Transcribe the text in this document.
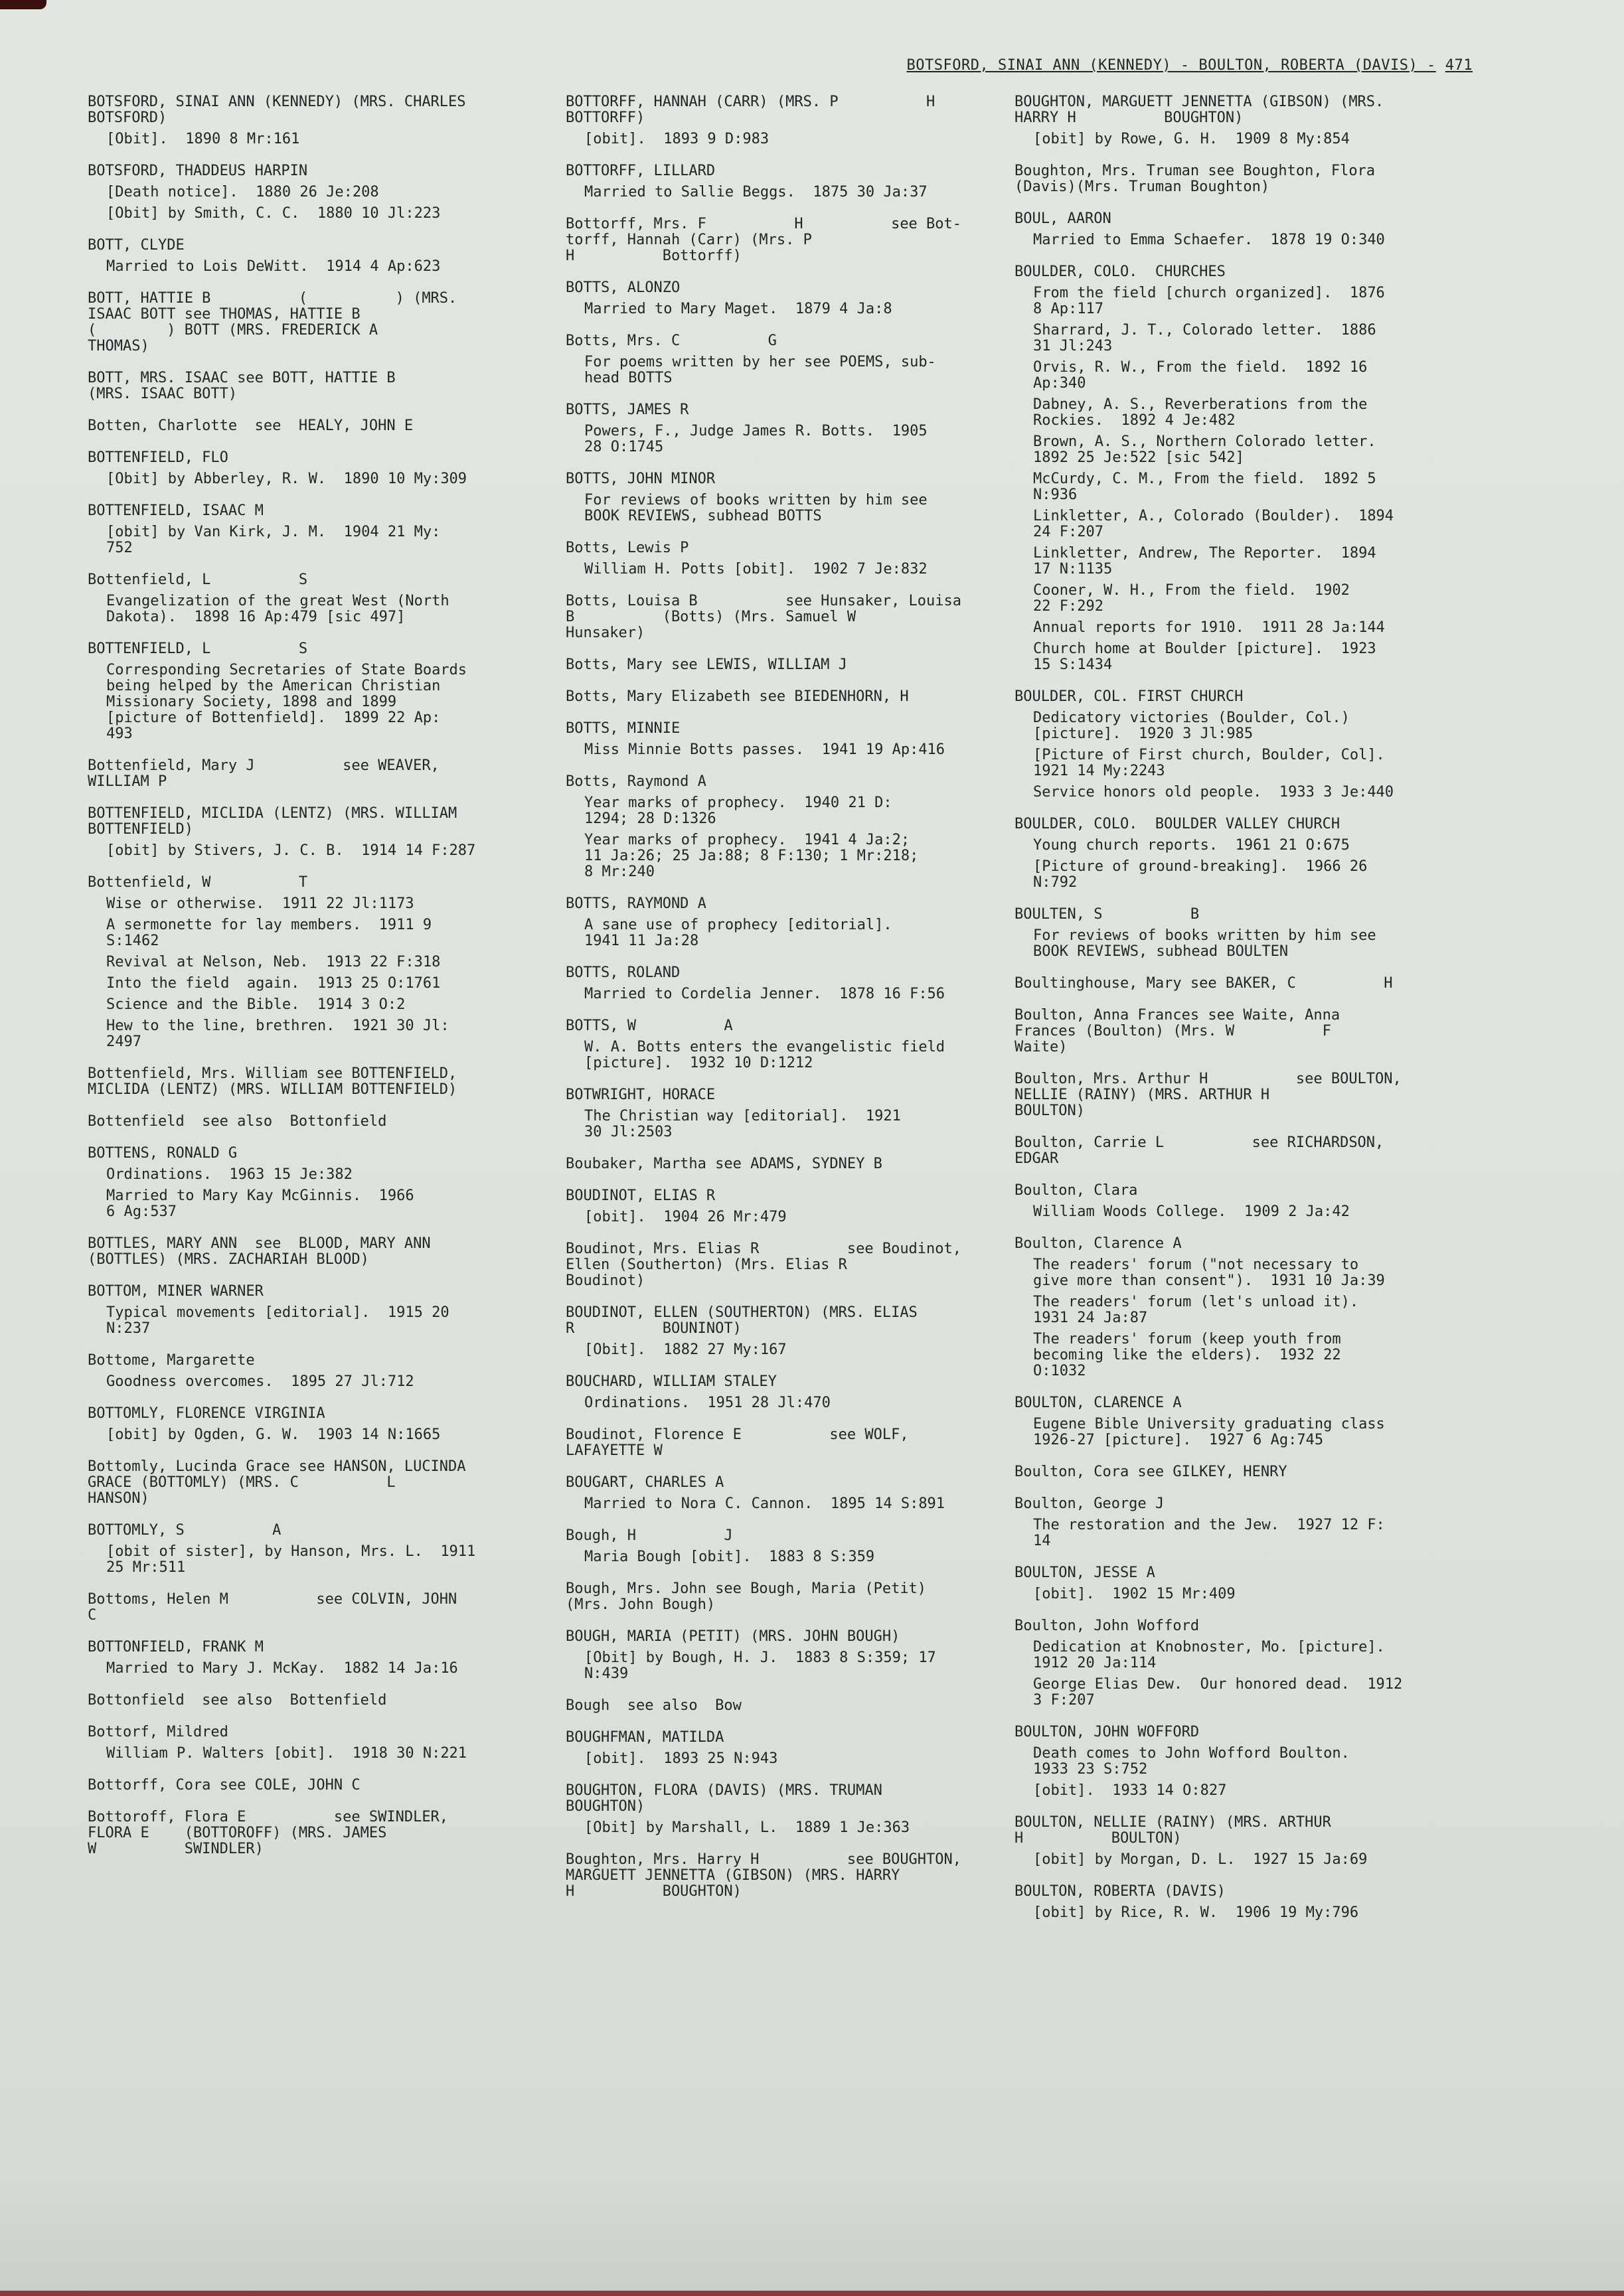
BOTSFORD, SINAI ANN (KENNEDY) - BOULTON, ROBERTA (DAVIS) - 471
BOTSFORD, SINAI ANN (KENNEDY) (MRS. CHARLES
BOTSFORD)
[Obit].  1890 8 Mr:161
BOTSFORD, THADDEUS HARPIN
[Death notice].  1880 26 Je:208
[Obit] by Smith, C. C.  1880 10 Jl:223
BOTT, CLYDE
Married to Lois DeWitt.  1914 4 Ap:623
BOTT, HATTIE B          (          ) (MRS.
ISAAC BOTT see THOMAS, HATTIE B
(        ) BOTT (MRS. FREDERICK A
THOMAS)
BOTT, MRS. ISAAC see BOTT, HATTIE B
(MRS. ISAAC BOTT)
Botten, Charlotte  see  HEALY, JOHN E
BOTTENFIELD, FLO
[Obit] by Abberley, R. W.  1890 10 My:309
BOTTENFIELD, ISAAC M
[obit] by Van Kirk, J. M.  1904 21 My:
752
Bottenfield, L          S
Evangelization of the great West (North
Dakota).  1898 16 Ap:479 [sic 497]
BOTTENFIELD, L          S
Corresponding Secretaries of State Boards
being helped by the American Christian
Missionary Society, 1898 and 1899
[picture of Bottenfield].  1899 22 Ap:
493
Bottenfield, Mary J          see WEAVER,
WILLIAM P
BOTTENFIELD, MICLIDA (LENTZ) (MRS. WILLIAM
BOTTENFIELD)
[obit] by Stivers, J. C. B.  1914 14 F:287
Bottenfield, W          T
Wise or otherwise.  1911 22 Jl:1173
A sermonette for lay members.  1911 9
S:1462
Revival at Nelson, Neb.  1913 22 F:318
Into the field  again.  1913 25 O:1761
Science and the Bible.  1914 3 O:2
Hew to the line, brethren.  1921 30 Jl:
2497
Bottenfield, Mrs. William see BOTTENFIELD,
MICLIDA (LENTZ) (MRS. WILLIAM BOTTENFIELD)
Bottenfield  see also  Bottonfield
BOTTENS, RONALD G
Ordinations.  1963 15 Je:382
Married to Mary Kay McGinnis.  1966
6 Ag:537
BOTTLES, MARY ANN  see  BLOOD, MARY ANN
(BOTTLES) (MRS. ZACHARIAH BLOOD)
BOTTOM, MINER WARNER
Typical movements [editorial].  1915 20
N:237
Bottome, Margarette
Goodness overcomes.  1895 27 Jl:712
BOTTOMLY, FLORENCE VIRGINIA
[obit] by Ogden, G. W.  1903 14 N:1665
Bottomly, Lucinda Grace see HANSON, LUCINDA
GRACE (BOTTOMLY) (MRS. C          L
HANSON)
BOTTOMLY, S          A
[obit of sister], by Hanson, Mrs. L.  1911
25 Mr:511
Bottoms, Helen M          see COLVIN, JOHN
C
BOTTONFIELD, FRANK M
Married to Mary J. McKay.  1882 14 Ja:16
Bottonfield  see also  Bottenfield
Bottorf, Mildred
William P. Walters [obit].  1918 30 N:221
Bottorff, Cora see COLE, JOHN C
Bottoroff, Flora E          see SWINDLER,
FLORA E    (BOTTOROFF) (MRS. JAMES
W          SWINDLER)
BOTTORFF, HANNAH (CARR) (MRS. P          H
BOTTORFF)
[obit].  1893 9 D:983
BOTTORFF, LILLARD
Married to Sallie Beggs.  1875 30 Ja:37
Bottorff, Mrs. F          H          see Bot-
torff, Hannah (Carr) (Mrs. P
H          Bottorff)
BOTTS, ALONZO
Married to Mary Maget.  1879 4 Ja:8
Botts, Mrs. C          G
For poems written by her see POEMS, sub-
head BOTTS
BOTTS, JAMES R
Powers, F., Judge James R. Botts.  1905
28 O:1745
BOTTS, JOHN MINOR
For reviews of books written by him see
BOOK REVIEWS, subhead BOTTS
Botts, Lewis P
William H. Potts [obit].  1902 7 Je:832
Botts, Louisa B          see Hunsaker, Louisa
B          (Botts) (Mrs. Samuel W
Hunsaker)
Botts, Mary see LEWIS, WILLIAM J
Botts, Mary Elizabeth see BIEDENHORN, H
BOTTS, MINNIE
Miss Minnie Botts passes.  1941 19 Ap:416
Botts, Raymond A
Year marks of prophecy.  1940 21 D:
1294; 28 D:1326
Year marks of prophecy.  1941 4 Ja:2;
11 Ja:26; 25 Ja:88; 8 F:130; 1 Mr:218;
8 Mr:240
BOTTS, RAYMOND A
A sane use of prophecy [editorial].
1941 11 Ja:28
BOTTS, ROLAND
Married to Cordelia Jenner.  1878 16 F:56
BOTTS, W          A
W. A. Botts enters the evangelistic field
[picture].  1932 10 D:1212
BOTWRIGHT, HORACE
The Christian way [editorial].  1921
30 Jl:2503
Boubaker, Martha see ADAMS, SYDNEY B
BOUDINOT, ELIAS R
[obit].  1904 26 Mr:479
Boudinot, Mrs. Elias R          see Boudinot,
Ellen (Southerton) (Mrs. Elias R
Boudinot)
BOUDINOT, ELLEN (SOUTHERTON) (MRS. ELIAS
R          BOUNINOT)
[Obit].  1882 27 My:167
BOUCHARD, WILLIAM STALEY
Ordinations.  1951 28 Jl:470
Boudinot, Florence E          see WOLF,
LAFAYETTE W
BOUGART, CHARLES A
Married to Nora C. Cannon.  1895 14 S:891
Bough, H          J
Maria Bough [obit].  1883 8 S:359
Bough, Mrs. John see Bough, Maria (Petit)
(Mrs. John Bough)
BOUGH, MARIA (PETIT) (MRS. JOHN BOUGH)
[Obit] by Bough, H. J.  1883 8 S:359; 17
N:439
Bough  see also  Bow
BOUGHFMAN, MATILDA
[obit].  1893 25 N:943
BOUGHTON, FLORA (DAVIS) (MRS. TRUMAN
BOUGHTON)
[Obit] by Marshall, L.  1889 1 Je:363
Boughton, Mrs. Harry H          see BOUGHTON,
MARGUETT JENNETTA (GIBSON) (MRS. HARRY
H          BOUGHTON)
BOUGHTON, MARGUETT JENNETTA (GIBSON) (MRS.
HARRY H          BOUGHTON)
[obit] by Rowe, G. H.  1909 8 My:854
Boughton, Mrs. Truman see Boughton, Flora
(Davis)(Mrs. Truman Boughton)
BOUL, AARON
Married to Emma Schaefer.  1878 19 O:340
BOULDER, COLO.  CHURCHES
From the field [church organized].  1876
8 Ap:117
Sharrard, J. T., Colorado letter.  1886
31 Jl:243
Orvis, R. W., From the field.  1892 16
Ap:340
Dabney, A. S., Reverberations from the
Rockies.  1892 4 Je:482
Brown, A. S., Northern Colorado letter.
1892 25 Je:522 [sic 542]
McCurdy, C. M., From the field.  1892 5
N:936
Linkletter, A., Colorado (Boulder).  1894
24 F:207
Linkletter, Andrew, The Reporter.  1894
17 N:1135
Cooner, W. H., From the field.  1902
22 F:292
Annual reports for 1910.  1911 28 Ja:144
Church home at Boulder [picture].  1923
15 S:1434
BOULDER, COL. FIRST CHURCH
Dedicatory victories (Boulder, Col.)
[picture].  1920 3 Jl:985
[Picture of First church, Boulder, Col].
1921 14 My:2243
Service honors old people.  1933 3 Je:440
BOULDER, COLO.  BOULDER VALLEY CHURCH
Young church reports.  1961 21 O:675
[Picture of ground-breaking].  1966 26
N:792
BOULTEN, S          B
For reviews of books written by him see
BOOK REVIEWS, subhead BOULTEN
Boultinghouse, Mary see BAKER, C          H
Boulton, Anna Frances see Waite, Anna
Frances (Boulton) (Mrs. W          F
Waite)
Boulton, Mrs. Arthur H          see BOULTON,
NELLIE (RAINY) (MRS. ARTHUR H          BOULTON)
Boulton, Carrie L          see RICHARDSON, EDGAR
Boulton, Clara
William Woods College.  1909 2 Ja:42
Boulton, Clarence A
The readers' forum ("not necessary to
give more than consent").  1931 10 Ja:39
The readers' forum (let's unload it).
1931 24 Ja:87
The readers' forum (keep youth from
becoming like the elders).  1932 22
O:1032
BOULTON, CLARENCE A
Eugene Bible University graduating class
1926-27 [picture].  1927 6 Ag:745
Boulton, Cora see GILKEY, HENRY
Boulton, George J
The restoration and the Jew.  1927 12 F:
14
BOULTON, JESSE A
[obit].  1902 15 Mr:409
Boulton, John Wofford
Dedication at Knobnoster, Mo. [picture].
1912 20 Ja:114
George Elias Dew.  Our honored dead.  1912
3 F:207
BOULTON, JOHN WOFFORD
Death comes to John Wofford Boulton.
1933 23 S:752
[obit].  1933 14 O:827
BOULTON, NELLIE (RAINY) (MRS. ARTHUR
H          BOULTON)
[obit] by Morgan, D. L.  1927 15 Ja:69
BOULTON, ROBERTA (DAVIS)
[obit] by Rice, R. W.  1906 19 My:796
